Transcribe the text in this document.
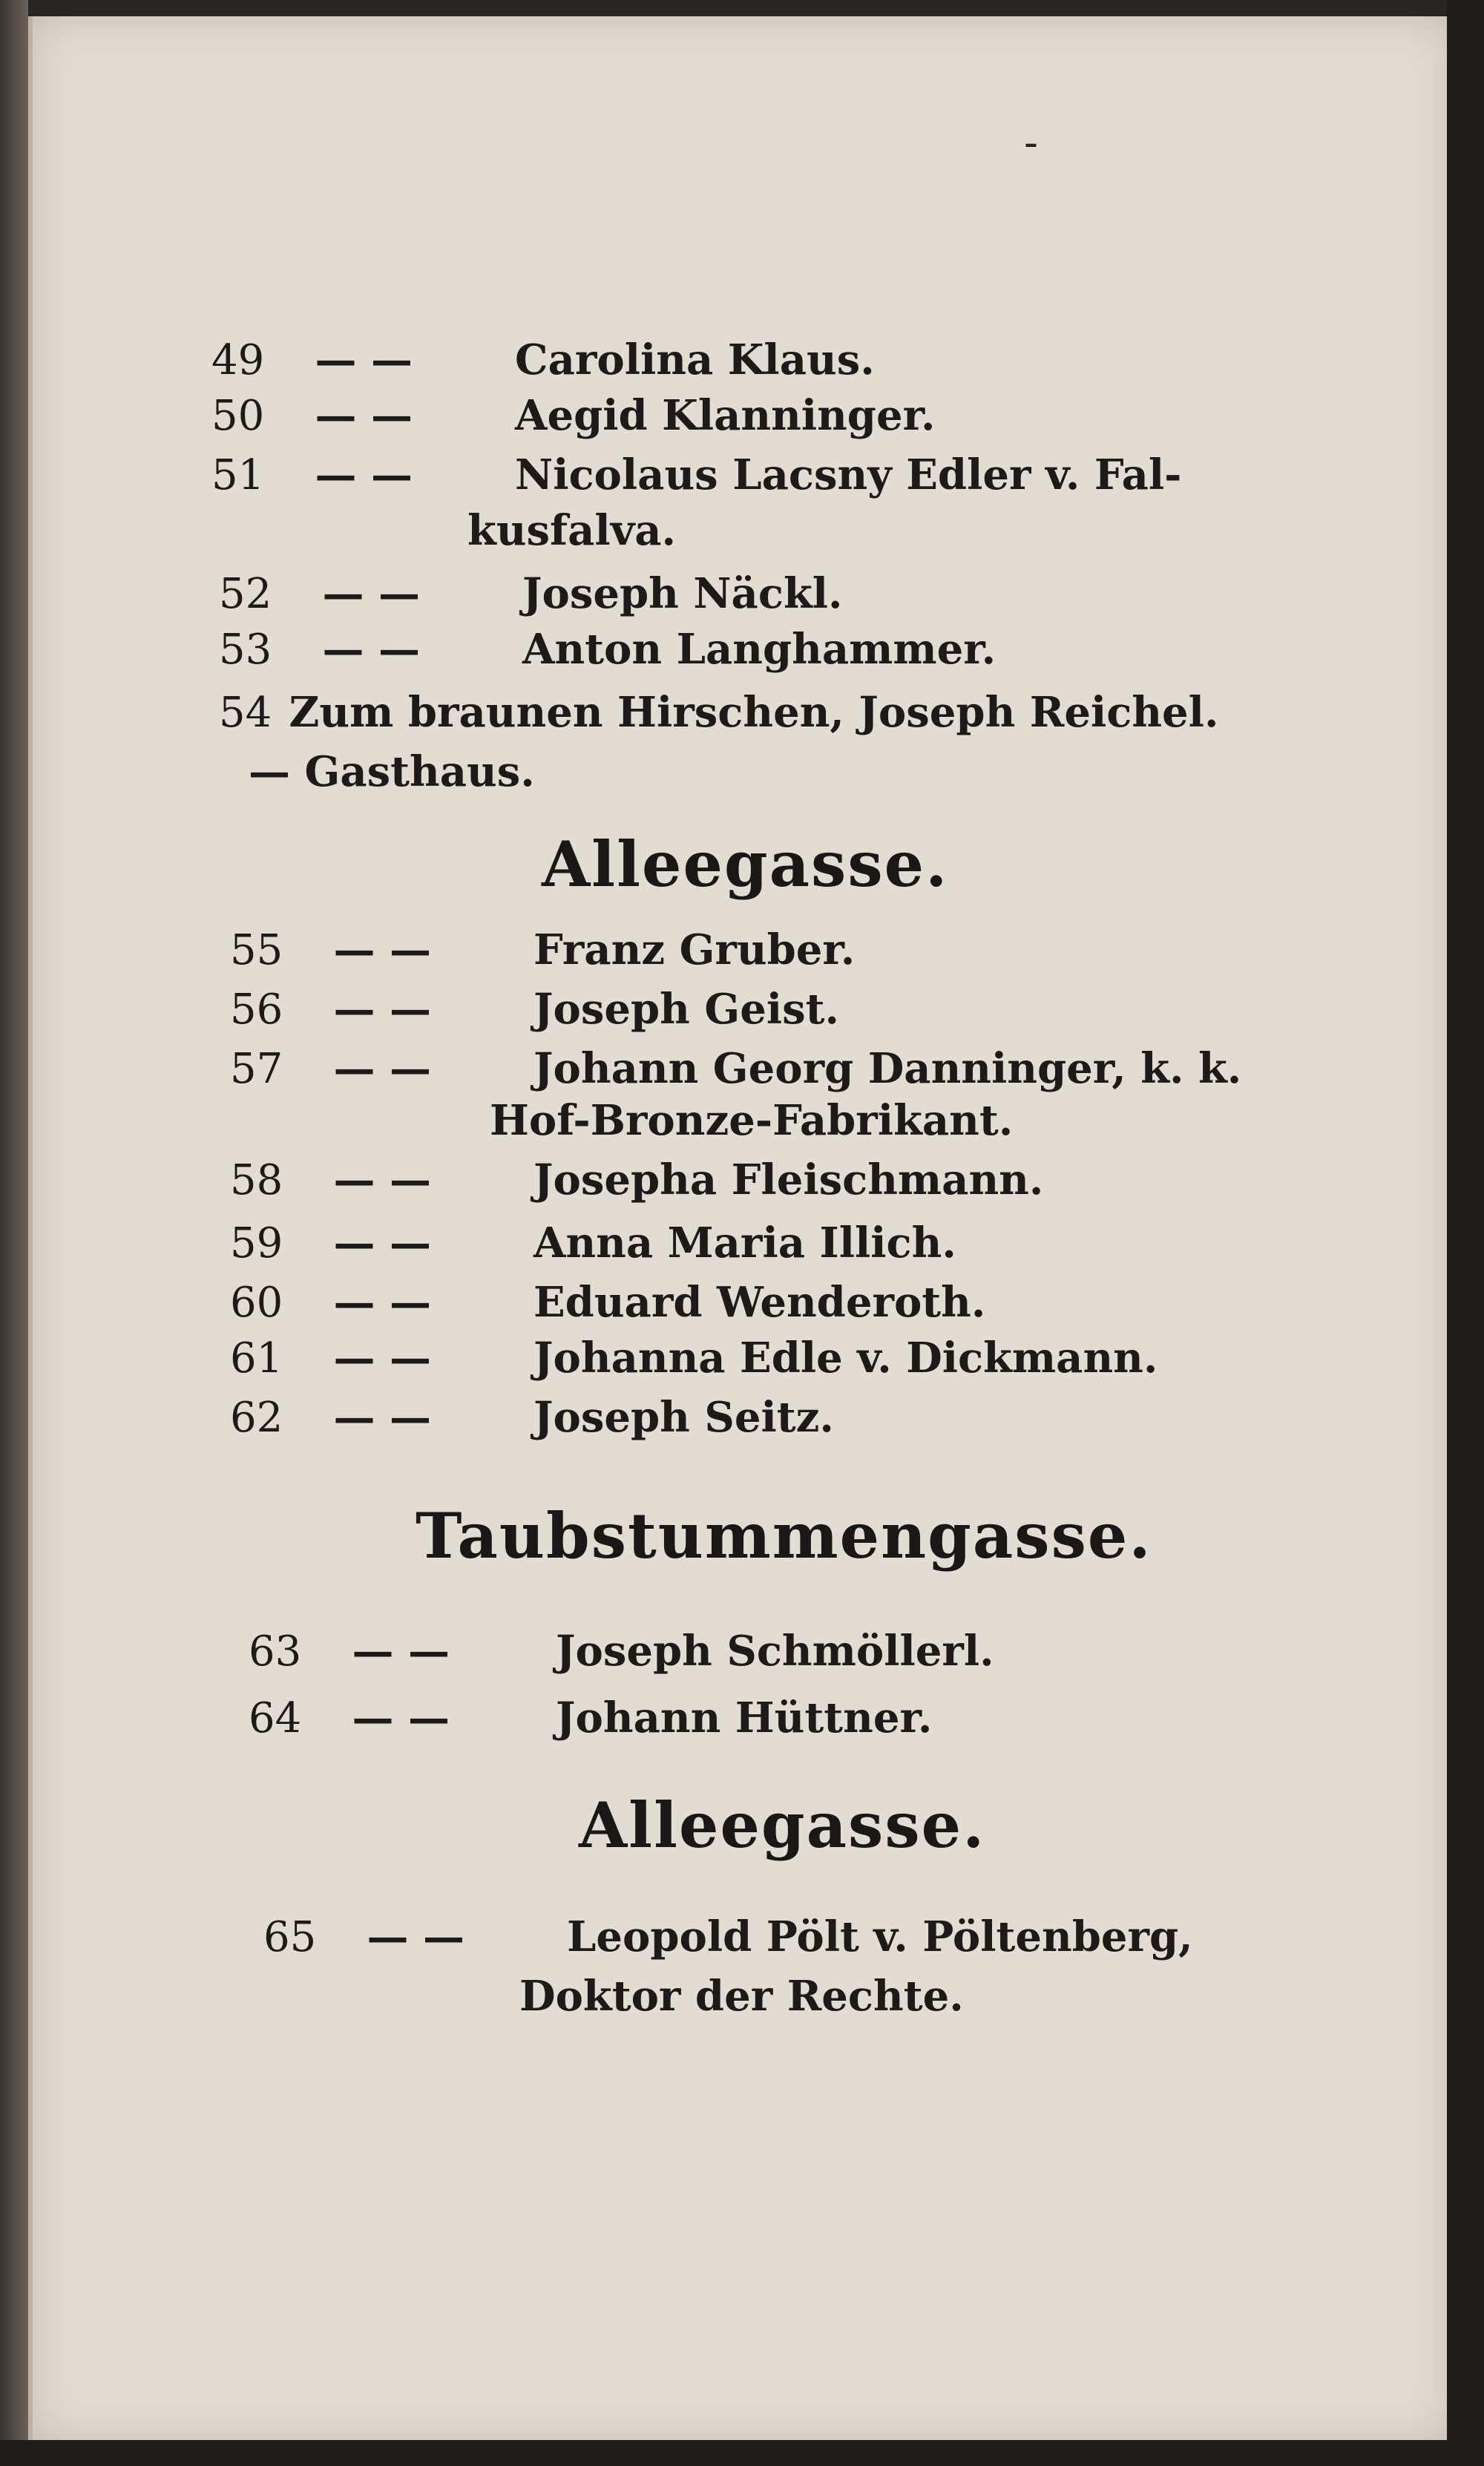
-
49 — — Carolina Klaus.
50 — — Aegid Klanninger.
51 — — Nicolaus Lacsny Edler v. Fal-
kusfalva.
52 — — Joseph Näckl.
53 — — Anton Langhammer.
54 Zum braunen Hirschen, Joseph Reichel.
— Gasthaus.
Alleegasse.
55 — — Franz Gruber.
56 — — Joseph Geist.
57 — — Johann Georg Danninger, k. k.
Hof-Bronze-Fabrikant.
58 — — Josepha Fleischmann.
59 — — Anna Maria Illich.
60 — — Eduard Wenderoth.
61 — — Johanna Edle v. Dickmann.
62 — — Joseph Seitz.
Taubstummengasse.
63 — —	Joseph Schmöllerl.
64 — —	Johann Hüttner.
Alleegasse.
65 — — Leopold Pölt v. Pöltenberg,
Doktor der Rechte.
